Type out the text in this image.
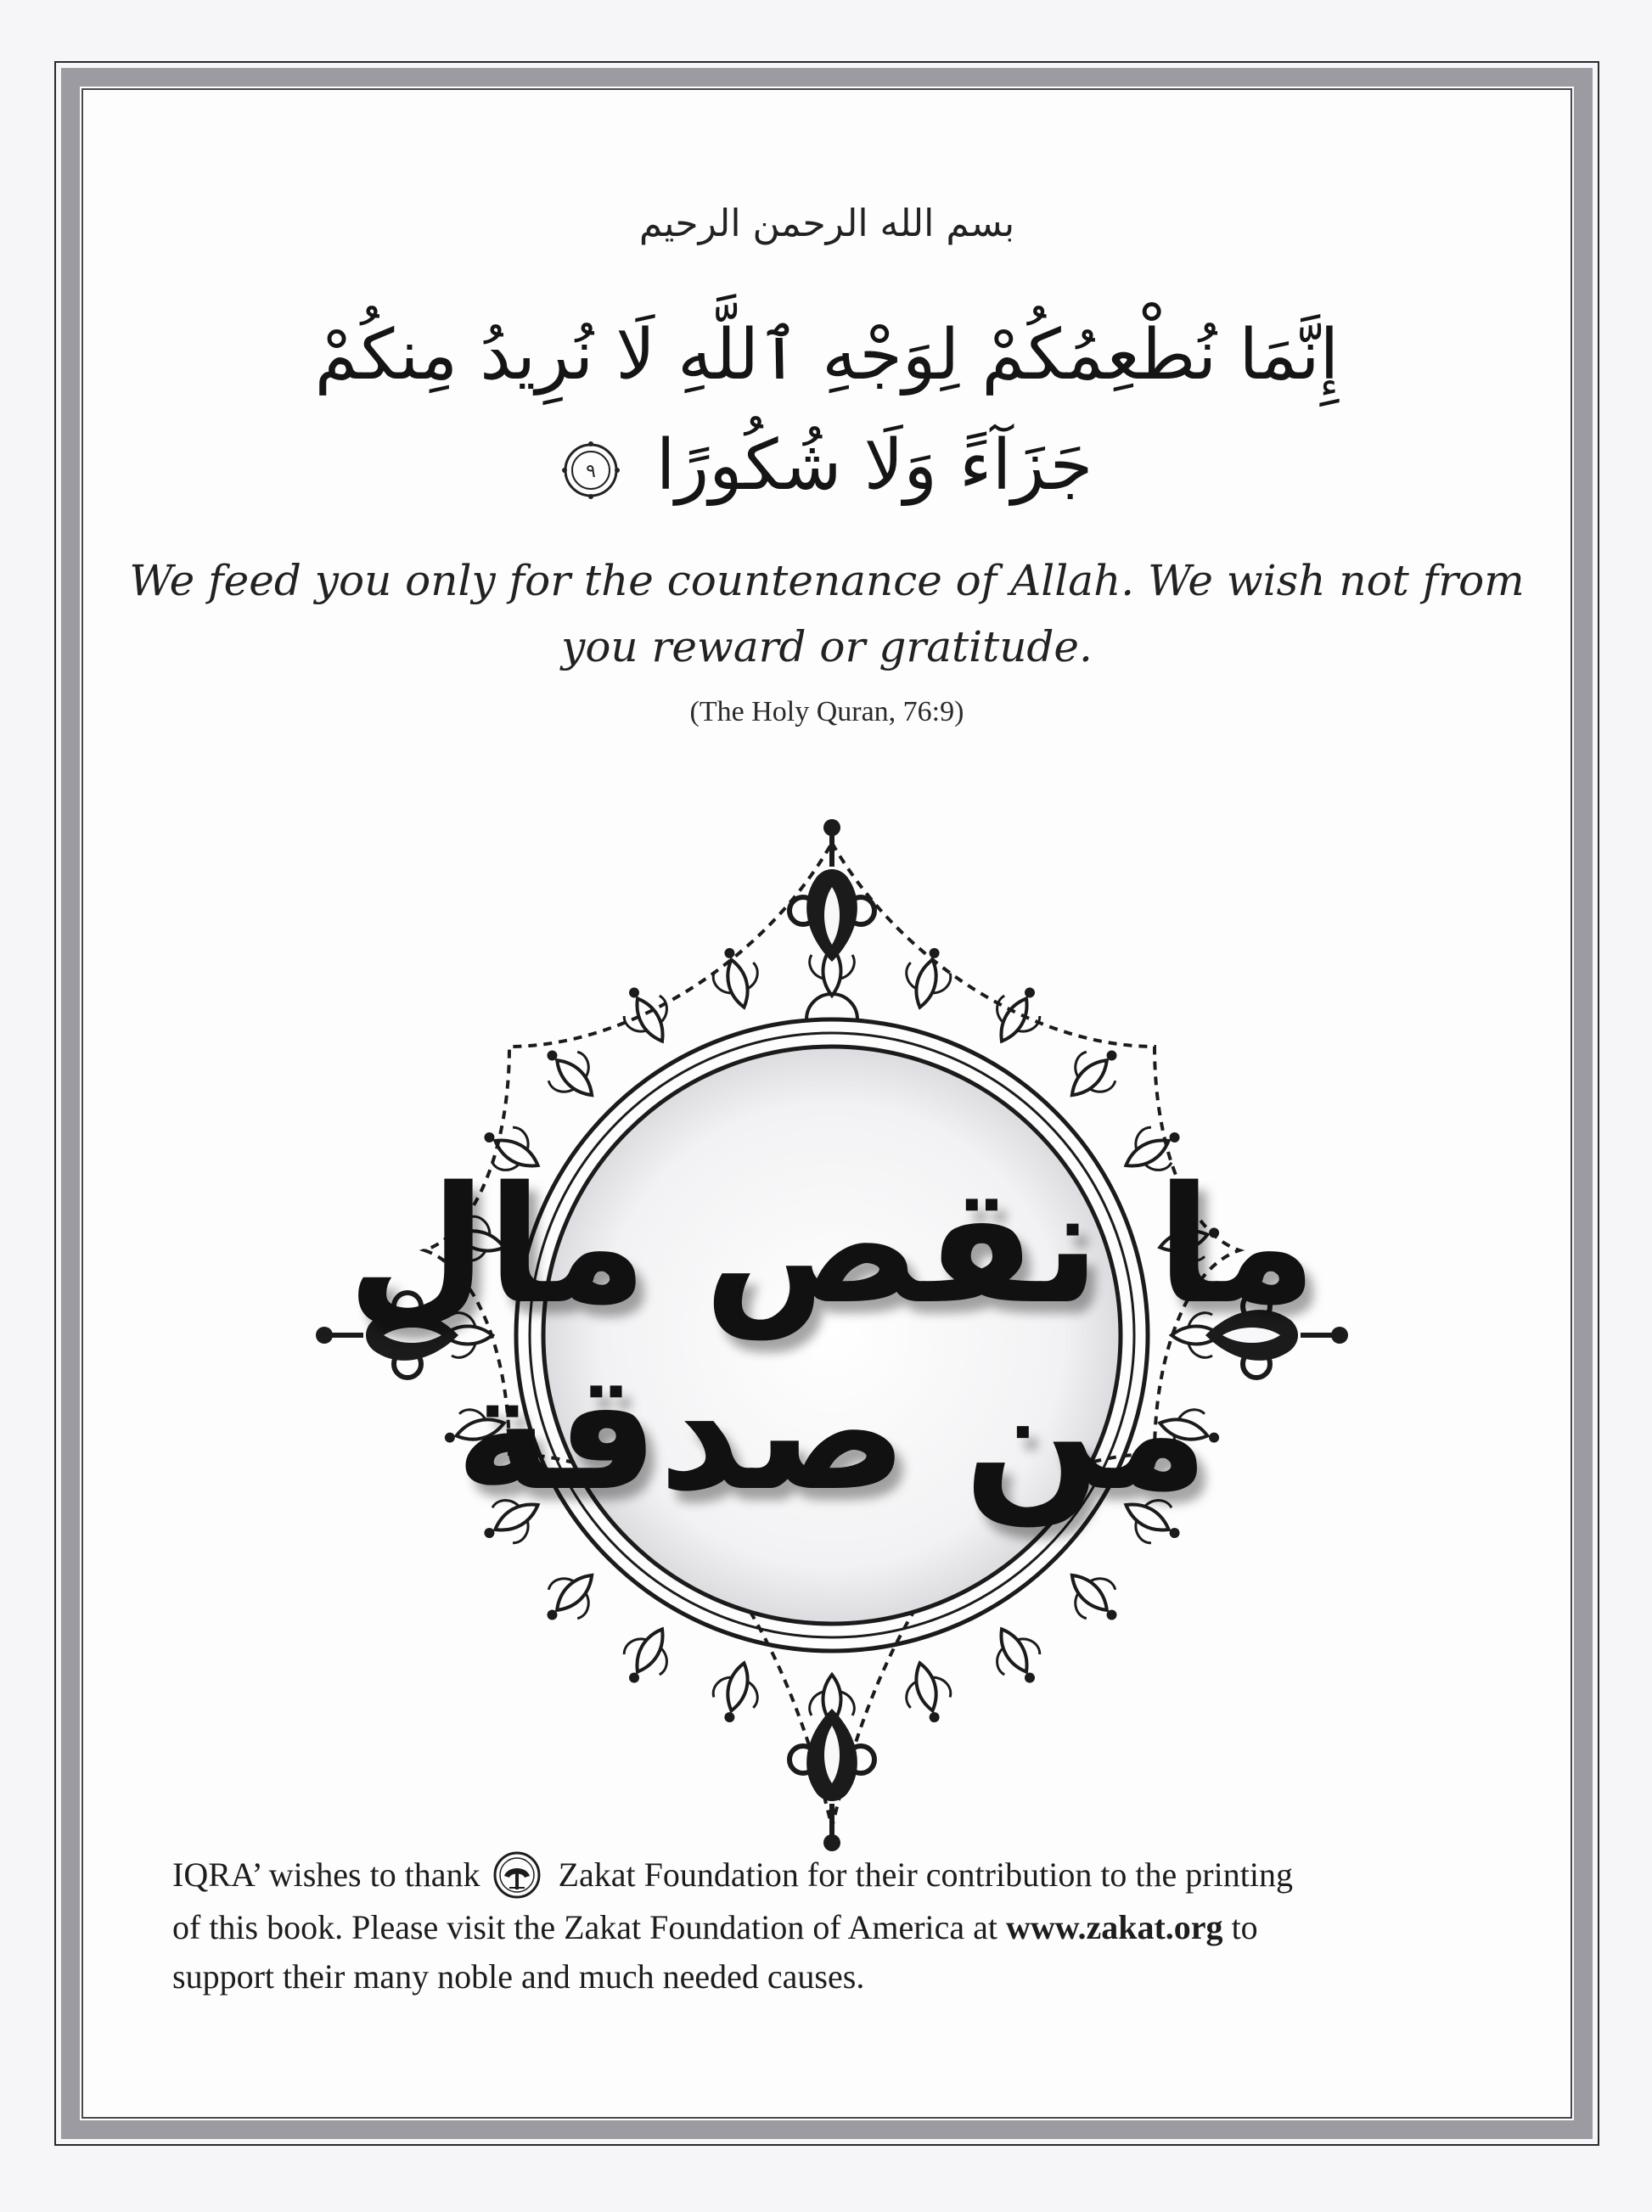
بسم الله الرحمن الرحيم
إِنَّمَا نُطْعِمُكُمْ لِوَجْهِ ٱللَّهِ لَا نُرِيدُ مِنكُمْ
جَزَآءً وَلَا شُكُورًا
٩
We feed you only for the countenance of Allah. We wish not from
you reward or gratitude.
(The Holy Quran, 76:9)
ما نقص مال
من صدقة

IQRA’ wishes to thank Zakat Foundation for their contribution to the printing

of this book. Please visit the Zakat Foundation of America at www.zakat.org to

support their many noble and much needed causes.
